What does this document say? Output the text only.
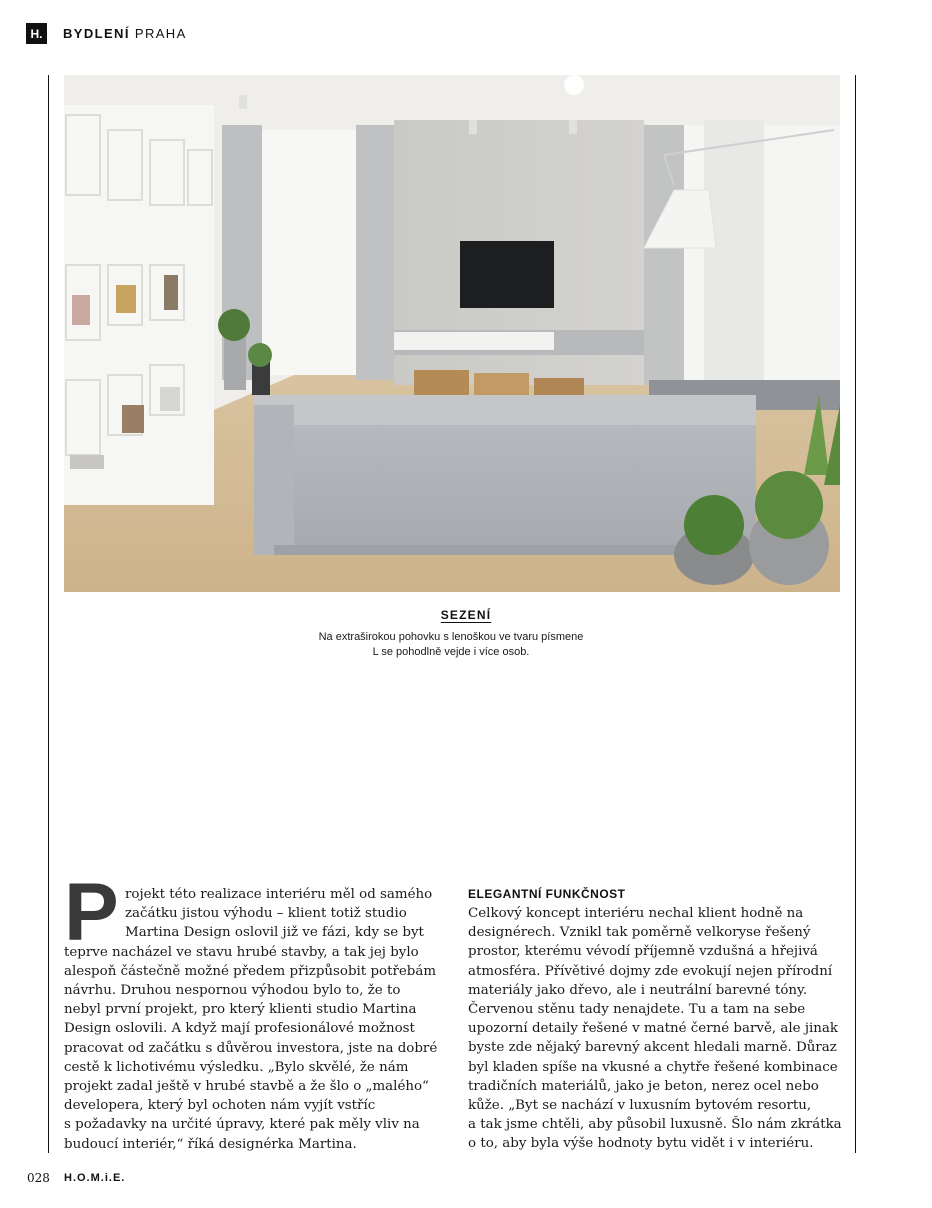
H. BYDLENÍ PRAHA
SEZENÍ
Na extraširokou pohovku s lenoškou ve tvaru písmene
L se pohodlně vejde i více osob.
P rojekt této realizace interiéru měl od samého
začátku jistou výhodu – klient totiž studio
Martina Design oslovil již ve fázi, kdy se byt
teprve nacházel ve stavu hrubé stavby, a tak jej bylo
alespoň částečně možné předem přizpůsobit potřebám
návrhu. Druhou nespornou výhodou bylo to, že to
nebyl první projekt, pro který klienti studio Martina
Design oslovili. A když mají profesionálové možnost
pracovat od začátku s důvěrou investora, jste na dobré
cestě k lichotivému výsledku. „Bylo skvělé, že nám
projekt zadal ještě v hrubé stavbě a že šlo o „malého“
developera, který byl ochoten nám vyjít vstříc
s požadavky na určité úpravy, které pak měly vliv na
budoucí interiér,“ říká designérka Martina.
ELEGANTNÍ FUNKČNOST
Celkový koncept interiéru nechal klient hodně na
designérech. Vznikl tak poměrně velkoryse řešený
prostor, kterému vévodí příjemně vzdušná a hřejivá
atmosféra. Přívětivé dojmy zde evokují nejen přírodní
materiály jako dřevo, ale i neutrální barevné tóny.
Červenou stěnu tady nenajdete. Tu a tam na sebe
upozorní detaily řešené v matné černé barvě, ale jinak
byste zde nějaký barevný akcent hledali marně. Důraz
byl kladen spíše na vkusné a chytře řešené kombinace
tradičních materiálů, jako je beton, nerez ocel nebo
kůže. „Byt se nachází v luxusním bytovém resortu,
a tak jsme chtěli, aby působil luxusně. Šlo nám zkrátka
o to, aby byla výše hodnoty bytu vidět i v interiéru.
028 H.O.M.i.E.
